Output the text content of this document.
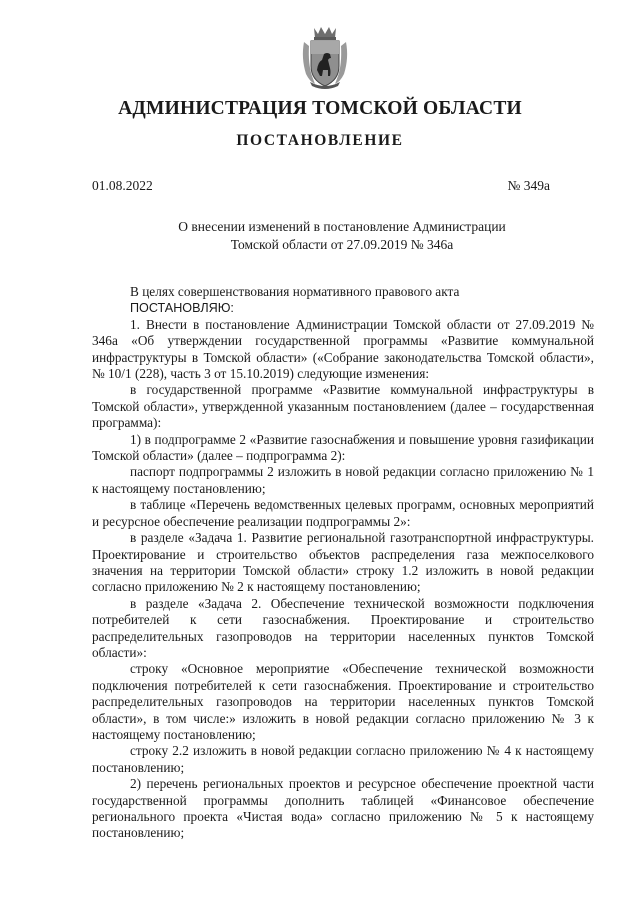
АДМИНИСТРАЦИЯ ТОМСКОЙ ОБЛАСТИ
ПОСТАНОВЛЕНИЕ
01.08.2022	№ 349а
О внесении изменений в постановление Администрации
Томской области от 27.09.2019 № 346а

В целях совершенствования нормативного правового акта

ПОСТАНОВЛЯЮ:

1. Внести в постановление Администрации Томской области от 27.09.2019 № 346а «Об утверждении государственной программы «Развитие коммунальной инфраструктуры в Томской области» («Собрание законодательства Томской области», № 10/1 (228), часть 3 от 15.10.2019) следующие изменения:

в государственной программе «Развитие коммунальной инфраструктуры в Томской области», утвержденной указанным постановлением (далее – государственная программа):

1) в подпрограмме 2 «Развитие газоснабжения и повышение уровня газификации Томской области» (далее – подпрограмма 2):

паспорт подпрограммы 2 изложить в новой редакции согласно приложению № 1 к настоящему постановлению;

в таблице «Перечень ведомственных целевых программ, основных мероприятий и ресурсное обеспечение реализации подпрограммы 2»:

в разделе «Задача 1. Развитие региональной газотранспортной инфраструктуры. Проектирование и строительство объектов распределения газа межпоселкового значения на территории Томской области» строку 1.2 изложить в новой редакции согласно приложению № 2 к настоящему постановлению;

в разделе «Задача 2. Обеспечение технической возможности подключения потребителей к сети газоснабжения. Проектирование и строительство распределительных газопроводов на территории населенных пунктов Томской области»:

строку «Основное мероприятие «Обеспечение технической возможности подключения потребителей к сети газоснабжения. Проектирование и строительство распределительных газопроводов на территории населенных пунктов Томской области», в том числе:» изложить в новой редакции согласно приложению № 3 к настоящему постановлению;

строку 2.2 изложить в новой редакции согласно приложению № 4 к настоящему постановлению;

2) перечень региональных проектов и ресурсное обеспечение проектной части государственной программы дополнить таблицей «Финансовое обеспечение регионального проекта «Чистая вода» согласно приложению № 5 к настоящему постановлению;
